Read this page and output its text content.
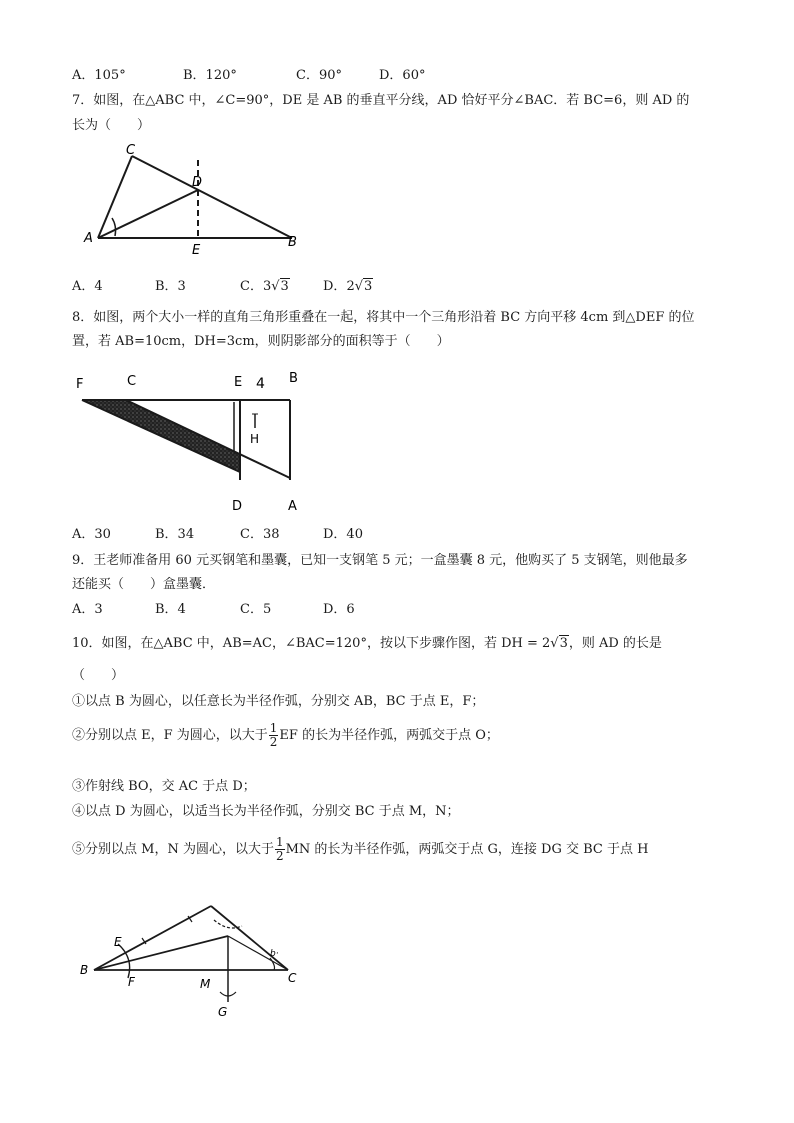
A．105°	B．120°	C．90°	D．60°
7．如图，在△ABC 中，∠C=90°，DE 是 AB 的垂直平分线，AD 恰好平分∠BAC．若 BC=6，则 AD 的
长为（　　）
C
D
A
E
B
A．4	B．3	C．3√3	D．2√3
8．如图，两个大小一样的直角三角形重叠在一起，将其中一个三角形沿着 BC 方向平移 4cm 到△DEF 的位
置，若 AB=10cm，DH=3cm，则阴影部分的面积等于（　　）
F	C	E 4 B
H
D	A
A．30	B．34	C．38	D．40
9．王老师准备用 60 元买钢笔和墨囊，已知一支钢笔 5 元；一盒墨囊 8 元，他购买了 5 支钢笔，则他最多
还能买（　　）盒墨囊．
A．3	B．4	C．5	D．6
10．如图，在△ABC 中，AB=AC，∠BAC=120°，按以下步骤作图，若 DH = 2√3，则 AD 的长是
（　　）
①以点 B 为圆心，以任意长为半径作弧，分别交 AB，BC 于点 E，F；
②分别以点 E，F 为圆心，以大于 $\frac{1}{2}$ EF 的长为半径作弧，两弧交于点 O；
③作射线 BO，交 AC 于点 D；
④以点 D 为圆心，以适当长为半径作弧，分别交 BC 于点 M，N；
⑤分别以点 M，N 为圆心，以大于 $\frac{1}{2}$ MN 的长为半径作弧，两弧交于点 G，连接 DG 交 BC 于点 H
E
B
F	M	C
G
b·
